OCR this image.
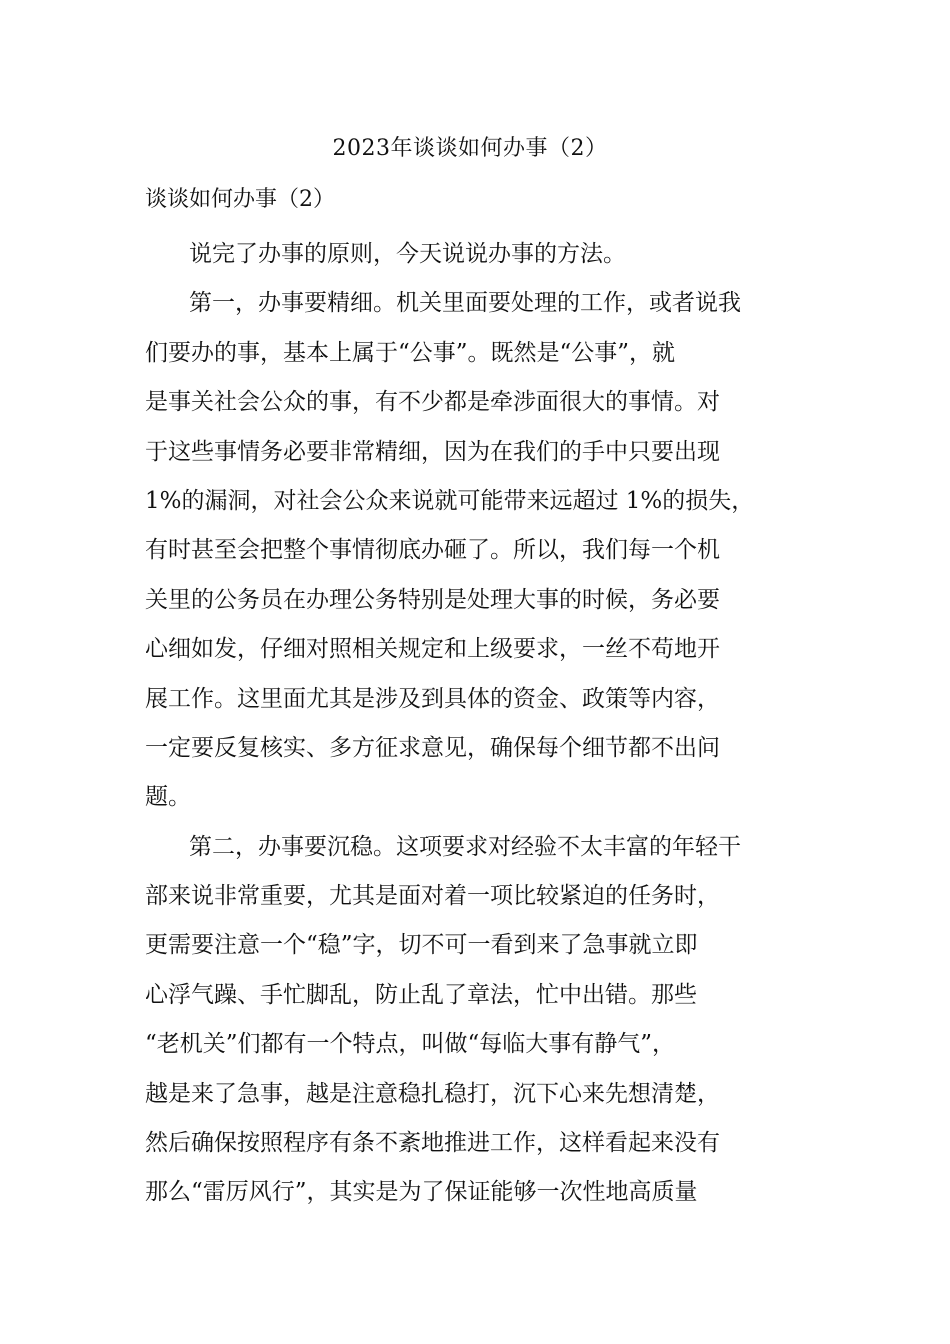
2023年谈谈如何办事（2）
谈谈如何办事（2）
说完了办事的原则，今天说说办事的方法。
第一，办事要精细。机关里面要处理的工作，或者说我
们要办的事，基本上属于“公事”。既然是“公事”，就
是事关社会公众的事，有不少都是牵涉面很大的事情。对
于这些事情务必要非常精细，因为在我们的手中只要出现
1%的漏洞，对社会公众来说就可能带来远超过 1%的损失，
有时甚至会把整个事情彻底办砸了。所以，我们每一个机
关里的公务员在办理公务特别是处理大事的时候，务必要
心细如发，仔细对照相关规定和上级要求，一丝不苟地开
展工作。这里面尤其是涉及到具体的资金、政策等内容，
一定要反复核实、多方征求意见，确保每个细节都不出问
题。
第二，办事要沉稳。这项要求对经验不太丰富的年轻干
部来说非常重要，尤其是面对着一项比较紧迫的任务时，
更需要注意一个“稳”字，切不可一看到来了急事就立即
心浮气躁、手忙脚乱，防止乱了章法，忙中出错。那些
“老机关”们都有一个特点，叫做“每临大事有静气”，
越是来了急事，越是注意稳扎稳打，沉下心来先想清楚，
然后确保按照程序有条不紊地推进工作，这样看起来没有
那么“雷厉风行”，其实是为了保证能够一次性地高质量
